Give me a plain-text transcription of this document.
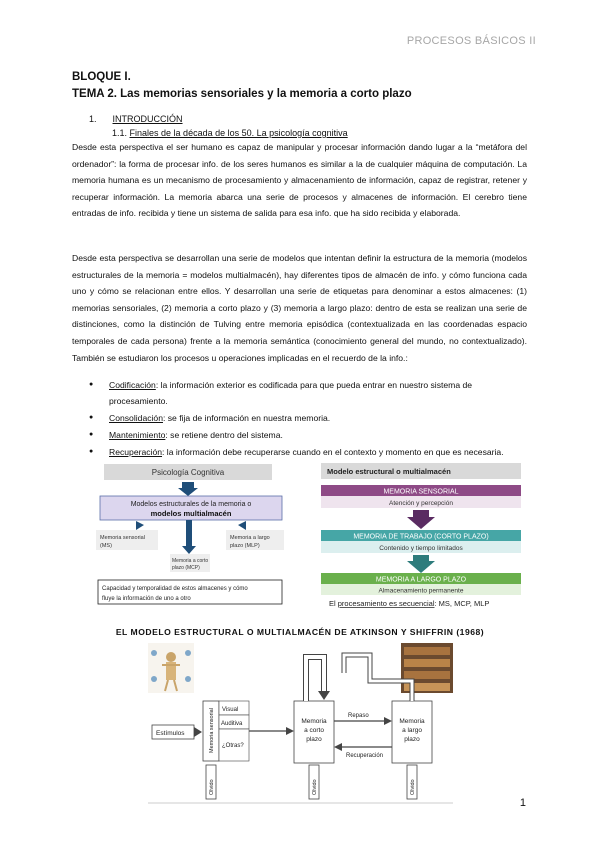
PROCESOS BÁSICOS II
BLOQUE I.
TEMA 2. Las memorias sensoriales y la memoria a corto plazo
1. INTRODUCCIÓN
1.1. Finales de la década de los 50. La psicología cognitiva

Desde esta perspectiva el ser humano es capaz de manipular y procesar información dando lugar a la “metáfora del ordenador”: la forma de procesar info. de los seres humanos es similar a la de cualquier máquina de computación. La memoria humana es un mecanismo de procesamiento y almacenamiento de información, capaz de registrar, retener y recuperar información. La memoria abarca una serie de procesos y almacenes de información. El cerebro tiene entradas de info. recibida y tiene un sistema de salida para esa info. que ha sido recibida y elaborada.

Desde esta perspectiva se desarrollan una serie de modelos que intentan definir la estructura de la memoria (modelos estructurales de la memoria = modelos multialmacén), hay diferentes tipos de almacén de info. y cómo funciona cada uno y cómo se relacionan entre ellos. Y desarrollan una serie de etiquetas para denominar a estos almacenes: (1) memorias sensoriales, (2) memoria a corto plazo y (3) memoria a largo plazo: dentro de esta se realizan una serie de distinciones, como la distinción de Tulving entre memoria episódica (contextualizada en las coordenadas espacio temporales de cada persona) frente a la memoria semántica (conocimiento general del mundo, no contextualizado). También se estudiaron los procesos u operaciones implicadas en el recuerdo de la info.:

● Codificación: la información exterior es codificada para que pueda entrar en nuestro sistema de procesamiento.
● Consolidación: se fija de información en nuestra memoria.
● Mantenimiento: se retiene dentro del sistema.
● Recuperación: la información debe recuperarse cuando en el contexto y momento en que es necesaria.
Psicología Cognitiva
Modelos estructurales de la memoria o
modelos multialmacén
Memoria sensorial
(MS)
Memoria a largo
plazo (MLP)
Memoria a corto
plazo (MCP)
Capacidad y temporalidad de estos almacenes y cómo
fluye la información de uno a otro
Modelo estructural o multialmacén
MEMORIA SENSORIAL
Atención y percepción
MEMORIA DE TRABAJO (CORTO PLAZO)
Contenido y tiempo limitados
MEMORIA A LARGO PLAZO
Almacenamiento permanente
El procesamiento es secuencial: MS, MCP, MLP
EL MODELO ESTRUCTURAL O MULTIALMACÉN DE ATKINSON Y SHIFFRIN (1968)
Estímulos	Memoria sensorial Visual
Auditiva
¿Otras?
Memoria
a corto
plazo
Repaso
Recuperación
Memoria
a largo
plazo
Olvido	Olvido	Olvido
1
